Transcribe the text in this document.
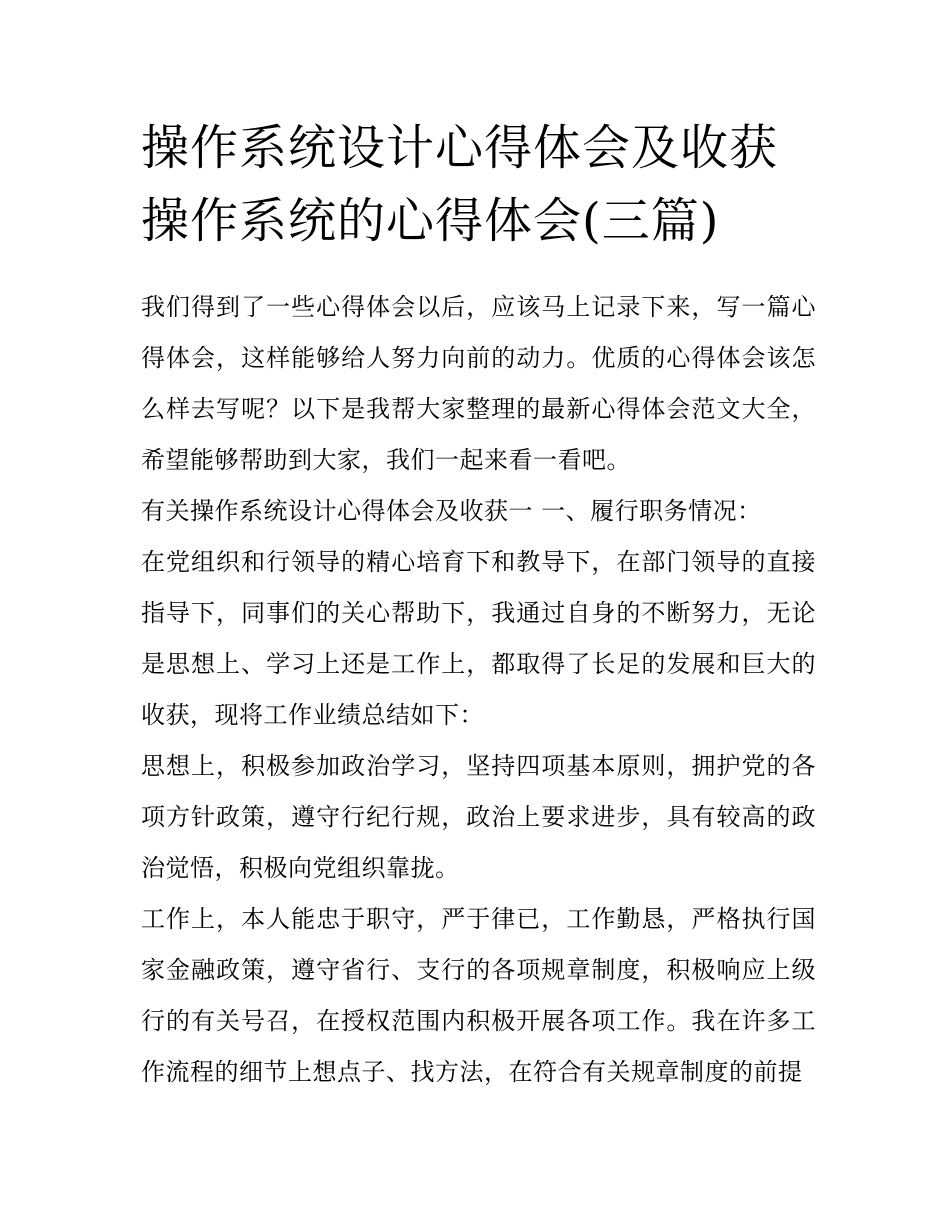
操作系统设计心得体会及收获
操作系统的心得体会(三篇)

我们得到了一些心得体会以后，应该马上记录下来，写一篇心得体会，这样能够给人努力向前的动力。优质的心得体会该怎么样去写呢？以下是我帮大家整理的最新心得体会范文大全，希望能够帮助到大家，我们一起来看一看吧。

有关操作系统设计心得体会及收获一 一、履行职务情况：

在党组织和行领导的精心培育下和教导下，在部门领导的直接指导下，同事们的关心帮助下，我通过自身的不断努力，无论是思想上、学习上还是工作上，都取得了长足的发展和巨大的收获，现将工作业绩总结如下：

思想上，积极参加政治学习，坚持四项基本原则，拥护党的各项方针政策，遵守行纪行规，政治上要求进步，具有较高的政治觉悟，积极向党组织靠拢。

工作上，本人能忠于职守，严于律已，工作勤恳，严格执行国家金融政策，遵守省行、支行的各项规章制度，积极响应上级行的有关号召，在授权范围内积极开展各项工作。我在许多工作流程的细节上想点子、找方法，在符合有关规章制度的前提
